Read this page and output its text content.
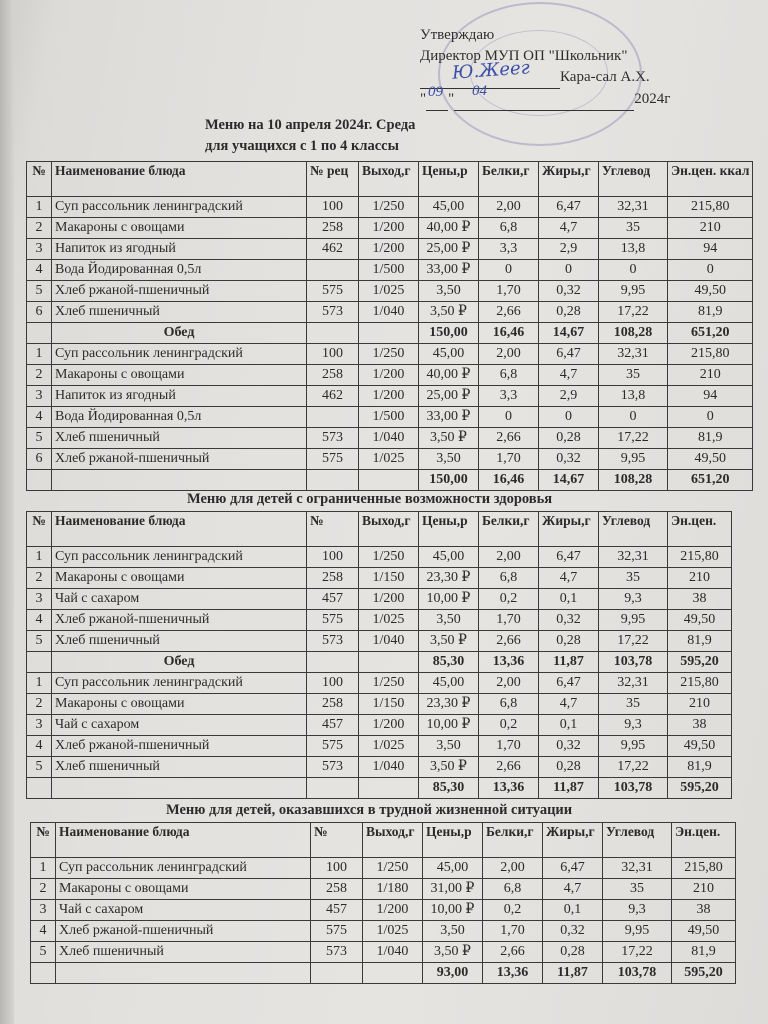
Утверждаю
Директор МУП ОП "Школьник"
Кара-сал А.Х.
" "	2024г
Ю.Жеег
09 04
Меню на 10 апреля 2024г. Среда
для учащихся с 1 по 4 классы
№	Наименование блюда	№ рец	Выход,г	Цены,р	Белки,г	Жиры,г	Углевод	Эн.цен. ккал
1	Суп рассольник ленинградский	100	1/250	45,00	2,00	6,47	32,31	215,80
2	Макароны с овощами	258	1/200	40,00 ₽	6,8	4,7	35	210
3	Напиток из ягодный	462	1/200	25,00 ₽	3,3	2,9	13,8	94
4	Вода Йодированная 0,5л		1/500	33,00 ₽	0	0	0	0
5	Хлеб ржаной-пшеничный	575	1/025	3,50	1,70	0,32	9,95	49,50
6	Хлеб пшеничный	573	1/040	3,50 ₽	2,66	0,28	17,22	81,9
	Обед			150,00	16,46	14,67	108,28	651,20
1	Суп рассольник ленинградский	100	1/250	45,00	2,00	6,47	32,31	215,80
2	Макароны с овощами	258	1/200	40,00 ₽	6,8	4,7	35	210
3	Напиток из ягодный	462	1/200	25,00 ₽	3,3	2,9	13,8	94
4	Вода Йодированная 0,5л		1/500	33,00 ₽	0	0	0	0
5	Хлеб пшеничный	573	1/040	3,50 ₽	2,66	0,28	17,22	81,9
6	Хлеб ржаной-пшеничный	575	1/025	3,50	1,70	0,32	9,95	49,50
				150,00	16,46	14,67	108,28	651,20
Меню для детей с ограниченные возможности здоровья
№	Наименование блюда	№	Выход,г	Цены,р	Белки,г	Жиры,г	Углевод	Эн.цен.
1	Суп рассольник ленинградский	100	1/250	45,00	2,00	6,47	32,31	215,80
2	Макароны с овощами	258	1/150	23,30 ₽	6,8	4,7	35	210
3	Чай с сахаром	457	1/200	10,00 ₽	0,2	0,1	9,3	38
4	Хлеб ржаной-пшеничный	575	1/025	3,50	1,70	0,32	9,95	49,50
5	Хлеб пшеничный	573	1/040	3,50 ₽	2,66	0,28	17,22	81,9
	Обед			85,30	13,36	11,87	103,78	595,20
1	Суп рассольник ленинградский	100	1/250	45,00	2,00	6,47	32,31	215,80
2	Макароны с овощами	258	1/150	23,30 ₽	6,8	4,7	35	210
3	Чай с сахаром	457	1/200	10,00 ₽	0,2	0,1	9,3	38
4	Хлеб ржаной-пшеничный	575	1/025	3,50	1,70	0,32	9,95	49,50
5	Хлеб пшеничный	573	1/040	3,50 ₽	2,66	0,28	17,22	81,9
				85,30	13,36	11,87	103,78	595,20
Меню для детей, оказавшихся в трудной жизненной ситуации
№	Наименование блюда	№	Выход,г	Цены,р	Белки,г	Жиры,г	Углевод	Эн.цен.
1	Суп рассольник ленинградский	100	1/250	45,00	2,00	6,47	32,31	215,80
2	Макароны с овощами	258	1/180	31,00 ₽	6,8	4,7	35	210
3	Чай с сахаром	457	1/200	10,00 ₽	0,2	0,1	9,3	38
4	Хлеб ржаной-пшеничный	575	1/025	3,50	1,70	0,32	9,95	49,50
5	Хлеб пшеничный	573	1/040	3,50 ₽	2,66	0,28	17,22	81,9
				93,00	13,36	11,87	103,78	595,20
